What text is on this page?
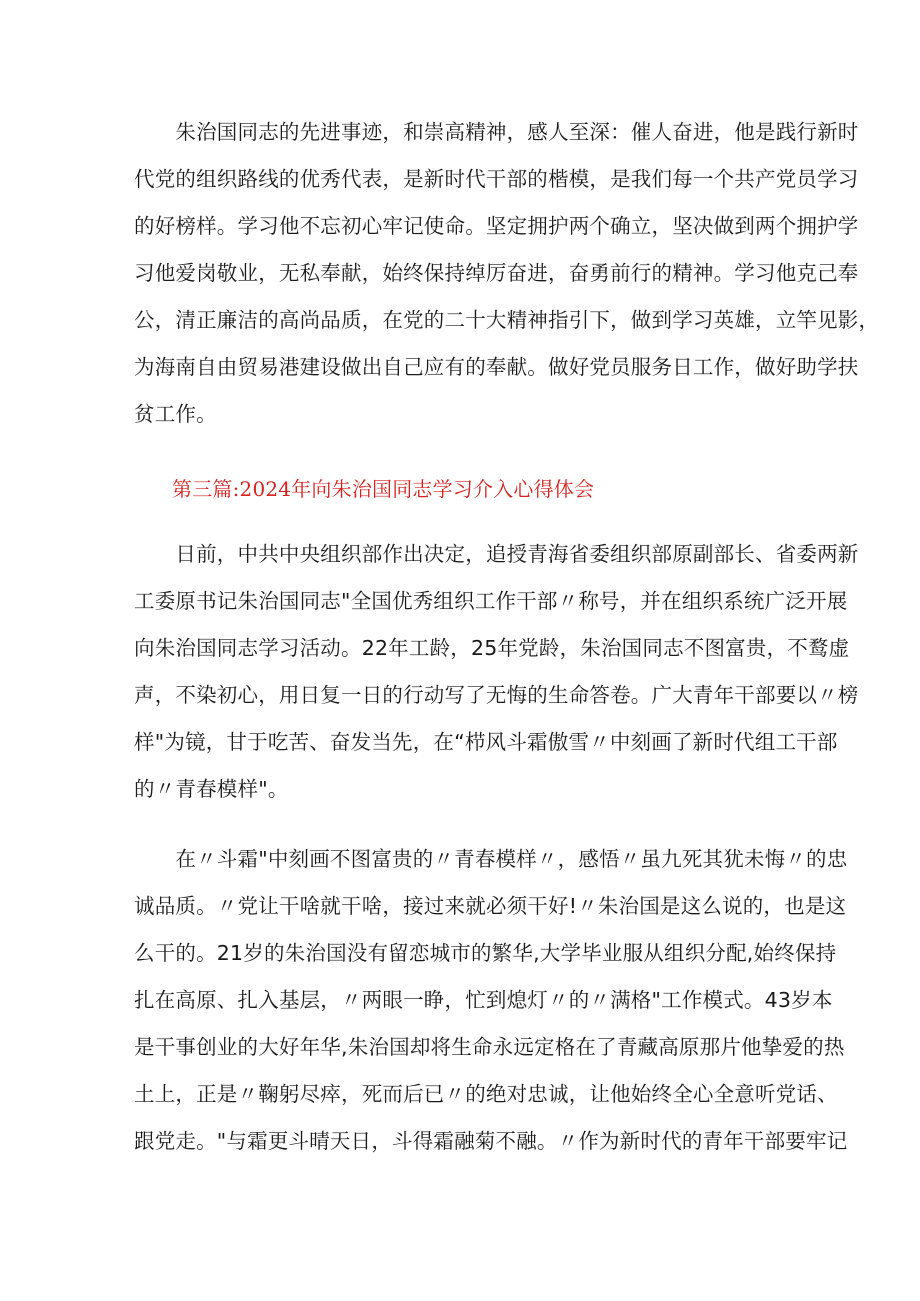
　　朱治国同志的先进事迹，和崇高精神，感人至深：催人奋进，他是践行新时
代党的组织路线的优秀代表，是新时代干部的楷模，是我们每一个共产党员学习
的好榜样。学习他不忘初心牢记使命。坚定拥护两个确立，坚决做到两个拥护学
习他爱岗敬业，无私奉献，始终保持绰厉奋进，奋勇前行的精神。学习他克己奉
公，清正廉洁的高尚品质，在党的二十大精神指引下，做到学习英雄，立竿见影，
为海南自由贸易港建设做出自己应有的奉献。做好党员服务日工作，做好助学扶
贫工作。
第三篇:2024年向朱治国同志学习介入心得体会
　　日前，中共中央组织部作出决定，追授青海省委组织部原副部长、省委两新
工委原书记朱治国同志"全国优秀组织工作干部〃称号，并在组织系统广泛开展
向朱治国同志学习活动。22年工龄，25年党龄，朱治国同志不图富贵，不鹜虚
声，不染初心，用日复一日的行动写了无悔的生命答卷。广大青年干部要以〃榜
样"为镜，甘于吃苦、奋发当先，在“栉风斗霜傲雪〃中刻画了新时代组工干部
的〃青春模样"。
　　在〃斗霜"中刻画不图富贵的〃青春模样〃，感悟〃虽九死其犹未悔〃的忠
诚品质。〃党让干啥就干啥，接过来就必须干好!〃朱治国是这么说的，也是这
么干的。21岁的朱治国没有留恋城市的繁华,大学毕业服从组织分配,始终保持
扎在高原、扎入基层，〃两眼一睁，忙到熄灯〃的〃满格"工作模式。43岁本
是干事创业的大好年华,朱治国却将生命永远定格在了青藏高原那片他挚爱的热
土上，正是〃鞠躬尽瘁，死而后已〃的绝对忠诚，让他始终全心全意听党话、
跟党走。"与霜更斗晴天日，斗得霜融菊不融。〃作为新时代的青年干部要牢记
